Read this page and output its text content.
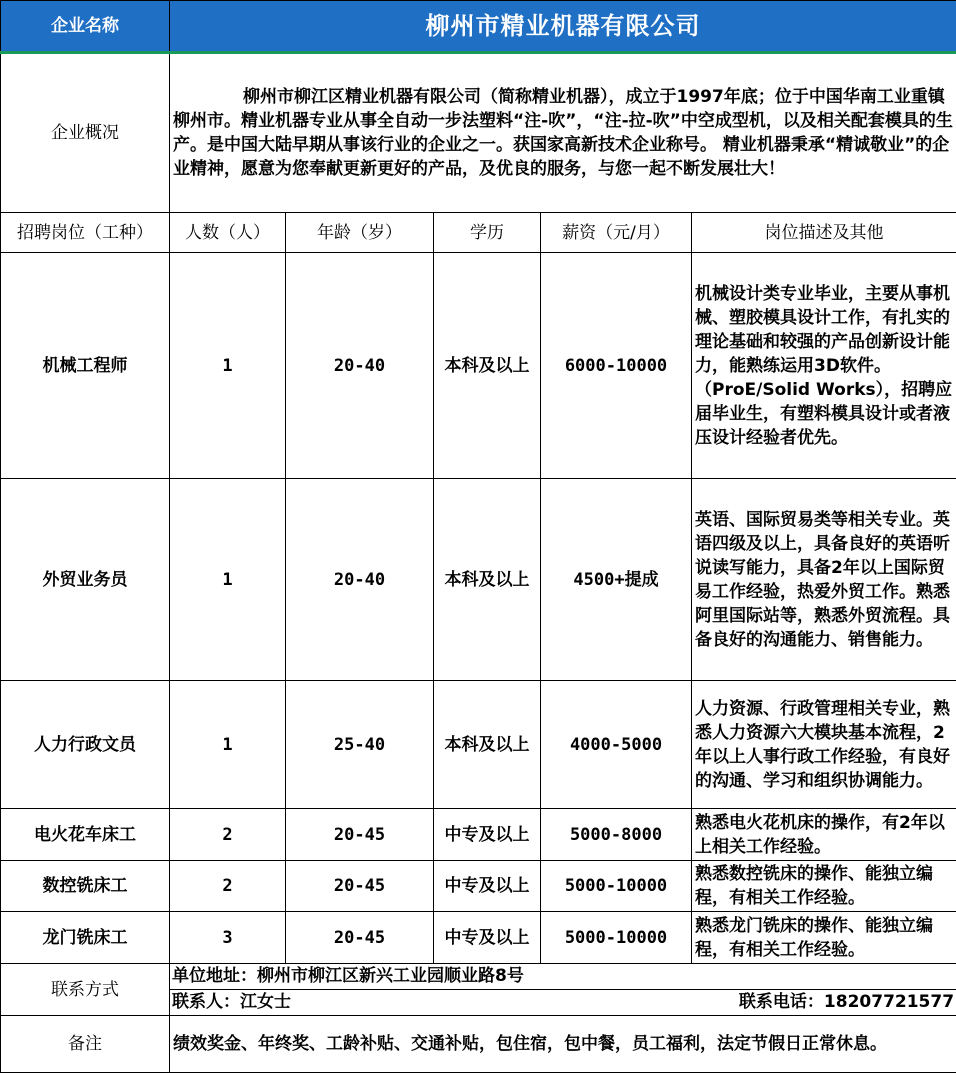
企业名称	柳州市精业机器有限公司				
企业概况	柳州市柳江区精业机器有限公司（简称精业机器），成立于1997年底；位于中国华南工业重镇柳州市。精业机器专业从事全自动一步法塑料“注-吹”，“注-拉-吹”中空成型机，以及相关配套模具的生产。是中国大陆早期从事该行业的企业之一。获国家高新技术企业称号。 精业机器秉承“精诚敬业”的企业精神，愿意为您奉献更新更好的产品，及优良的服务，与您一起不断发展壮大！				
招聘岗位（工种）	人数（人）	年龄（岁）	学历	薪资（元/月）	岗位描述及其他
机械工程师	1	20-40	本科及以上	6000-10000	机械设计类专业毕业，主要从事机械、塑胶模具设计工作，有扎实的理论基础和较强的产品创新设计能力，能熟练运用3D软件。 （ProE/Solid Works），招聘应届毕业生，有塑料模具设计或者液压设计经验者优先。
外贸业务员	1	20-40	本科及以上	4500+提成	英语、国际贸易类等相关专业。英语四级及以上，具备良好的英语听说读写能力，具备2年以上国际贸易工作经验，热爱外贸工作。熟悉阿里国际站等，熟悉外贸流程。具备良好的沟通能力、销售能力。
人力行政文员	1	25-40	本科及以上	4000-5000	人力资源、行政管理相关专业，熟悉人力资源六大模块基本流程，2年以上人事行政工作经验，有良好的沟通、学习和组织协调能力。
电火花车床工	2	20-45	中专及以上	5000-8000	熟悉电火花机床的操作，有2年以上相关工作经验。
数控铣床工	2	20-45	中专及以上	5000-10000	熟悉数控铣床的操作、能独立编程，有相关工作经验。
龙门铣床工	3	20-45	中专及以上	5000-10000	熟悉龙门铣床的操作、能独立编程，有相关工作经验。
联系方式	单位地址：柳州市柳江区新兴工业园顺业路8号
联系人：江女士 联系电话：18207721577				

备注	绩效奖金、年终奖、工龄补贴、交通补贴，包住宿，包中餐，员工福利，法定节假日正常休息。				
